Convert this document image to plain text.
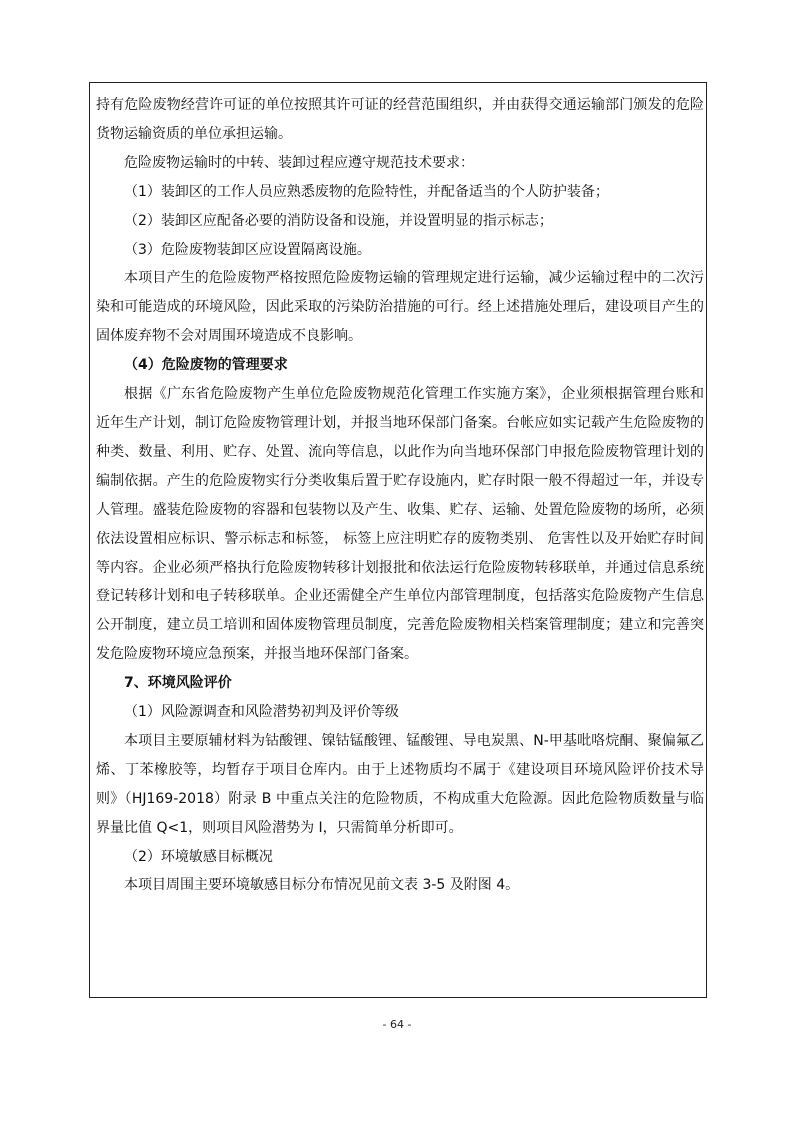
持有危险废物经营许可证的单位按照其许可证的经营范围组织，并由获得交通运输部门颁发的危险货物运输资质的单位承担运输。

危险废物运输时的中转、装卸过程应遵守规范技术要求：

（1）装卸区的工作人员应熟悉废物的危险特性，并配备适当的个人防护装备；

（2）装卸区应配备必要的消防设备和设施，并设置明显的指示标志；

（3）危险废物装卸区应设置隔离设施。

本项目产生的危险废物严格按照危险废物运输的管理规定进行运输，减少运输过程中的二次污染和可能造成的环境风险，因此采取的污染防治措施的可行。经上述措施处理后，建设项目产生的固体废弃物不会对周围环境造成不良影响。

（4）危险废物的管理要求

根据《广东省危险废物产生单位危险废物规范化管理工作实施方案》，企业须根据管理台账和近年生产计划，制订危险废物管理计划，并报当地环保部门备案。台帐应如实记载产生危险废物的种类、数量、利用、贮存、处置、流向等信息，以此作为向当地环保部门申报危险废物管理计划的编制依据。产生的危险废物实行分类收集后置于贮存设施内，贮存时限一般不得超过一年，并设专人管理。盛装危险废物的容器和包装物以及产生、收集、贮存、运输、处置危险废物的场所，必须依法设置相应标识、警示标志和标签， 标签上应注明贮存的废物类别、 危害性以及开始贮存时间等内容。企业必须严格执行危险废物转移计划报批和依法运行危险废物转移联单，并通过信息系统登记转移计划和电子转移联单。企业还需健全产生单位内部管理制度，包括落实危险废物产生信息公开制度，建立员工培训和固体废物管理员制度，完善危险废物相关档案管理制度；建立和完善突发危险废物环境应急预案，并报当地环保部门备案。

7、环境风险评价

（1）风险源调查和风险潜势初判及评价等级

本项目主要原辅材料为钴酸锂、镍钴锰酸锂、锰酸锂、导电炭黑、N-甲基吡咯烷酮、聚偏氟乙烯、丁苯橡胶等，均暂存于项目仓库内。由于上述物质均不属于《建设项目环境风险评价技术导则》（HJ169-2018）附录 B 中重点关注的危险物质，不构成重大危险源。因此危险物质数量与临界量比值 Q<1，则项目风险潜势为 I，只需简单分析即可。

（2）环境敏感目标概况

本项目周围主要环境敏感目标分布情况见前文表 3-5 及附图 4。

- 64 -
